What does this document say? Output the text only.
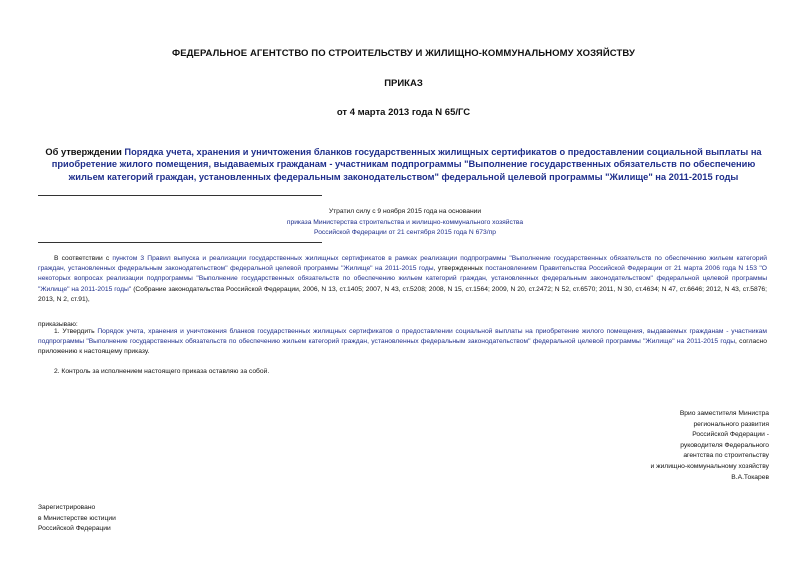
ФЕДЕРАЛЬНОЕ АГЕНТСТВО ПО СТРОИТЕЛЬСТВУ И ЖИЛИЩНО-КОММУНАЛЬНОМУ ХОЗЯЙСТВУ
ПРИКАЗ
от 4 марта 2013 года N 65/ГС
Об утверждении Порядка учета, хранения и уничтожения бланков государственных жилищных сертификатов о предоставлении социальной выплаты на приобретение жилого помещения, выдаваемых гражданам - участникам подпрограммы "Выполнение государственных обязательств по обеспечению жильем категорий граждан, установленных федеральным законодательством" федеральной целевой программы "Жилище" на 2011-2015 годы
Утратил силу с 9 ноября 2015 года на основании
приказа Министерства строительства и жилищно-коммунального хозяйства
Российской Федерации от 21 сентября 2015 года N 673/пр
В соответствии с пунктом 3 Правил выпуска и реализации государственных жилищных сертификатов в рамках реализации подпрограммы "Выполнение государственных обязательств по обеспечению жильем категорий граждан, установленных федеральным законодательством" федеральной целевой программы "Жилище" на 2011-2015 годы, утвержденных постановлением Правительства Российской Федерации от 21 марта 2006 года N 153 "О некоторых вопросах реализации подпрограммы "Выполнение государственных обязательств по обеспечению жильем категорий граждан, установленных федеральным законодательством" федеральной целевой программы "Жилище" на 2011-2015 годы" (Собрание законодательства Российской Федерации, 2006, N 13, ст.1405; 2007, N 43, ст.5208; 2008, N 15, ст.1564; 2009, N 20, ст.2472; N 52, ст.6570; 2011, N 30, ст.4634; N 47, ст.6646; 2012, N 43, ст.5876; 2013, N 2, ст.91),
приказываю:
1. Утвердить Порядок учета, хранения и уничтожения бланков государственных жилищных сертификатов о предоставлении социальной выплаты на приобретение жилого помещения, выдаваемых гражданам - участникам подпрограммы "Выполнение государственных обязательств по обеспечению жильем категорий граждан, установленных федеральным законодательством" федеральной целевой программы "Жилище" на 2011-2015 годы, согласно приложению к настоящему приказу.
2. Контроль за исполнением настоящего приказа оставляю за собой.
Врио заместителя Министра
регионального развития
Российской Федерации -
руководителя Федерального
агентства по строительству
и жилищно-коммунальному хозяйству
В.А.Токарев
Зарегистрировано
в Министерстве юстиции
Российской Федерации
